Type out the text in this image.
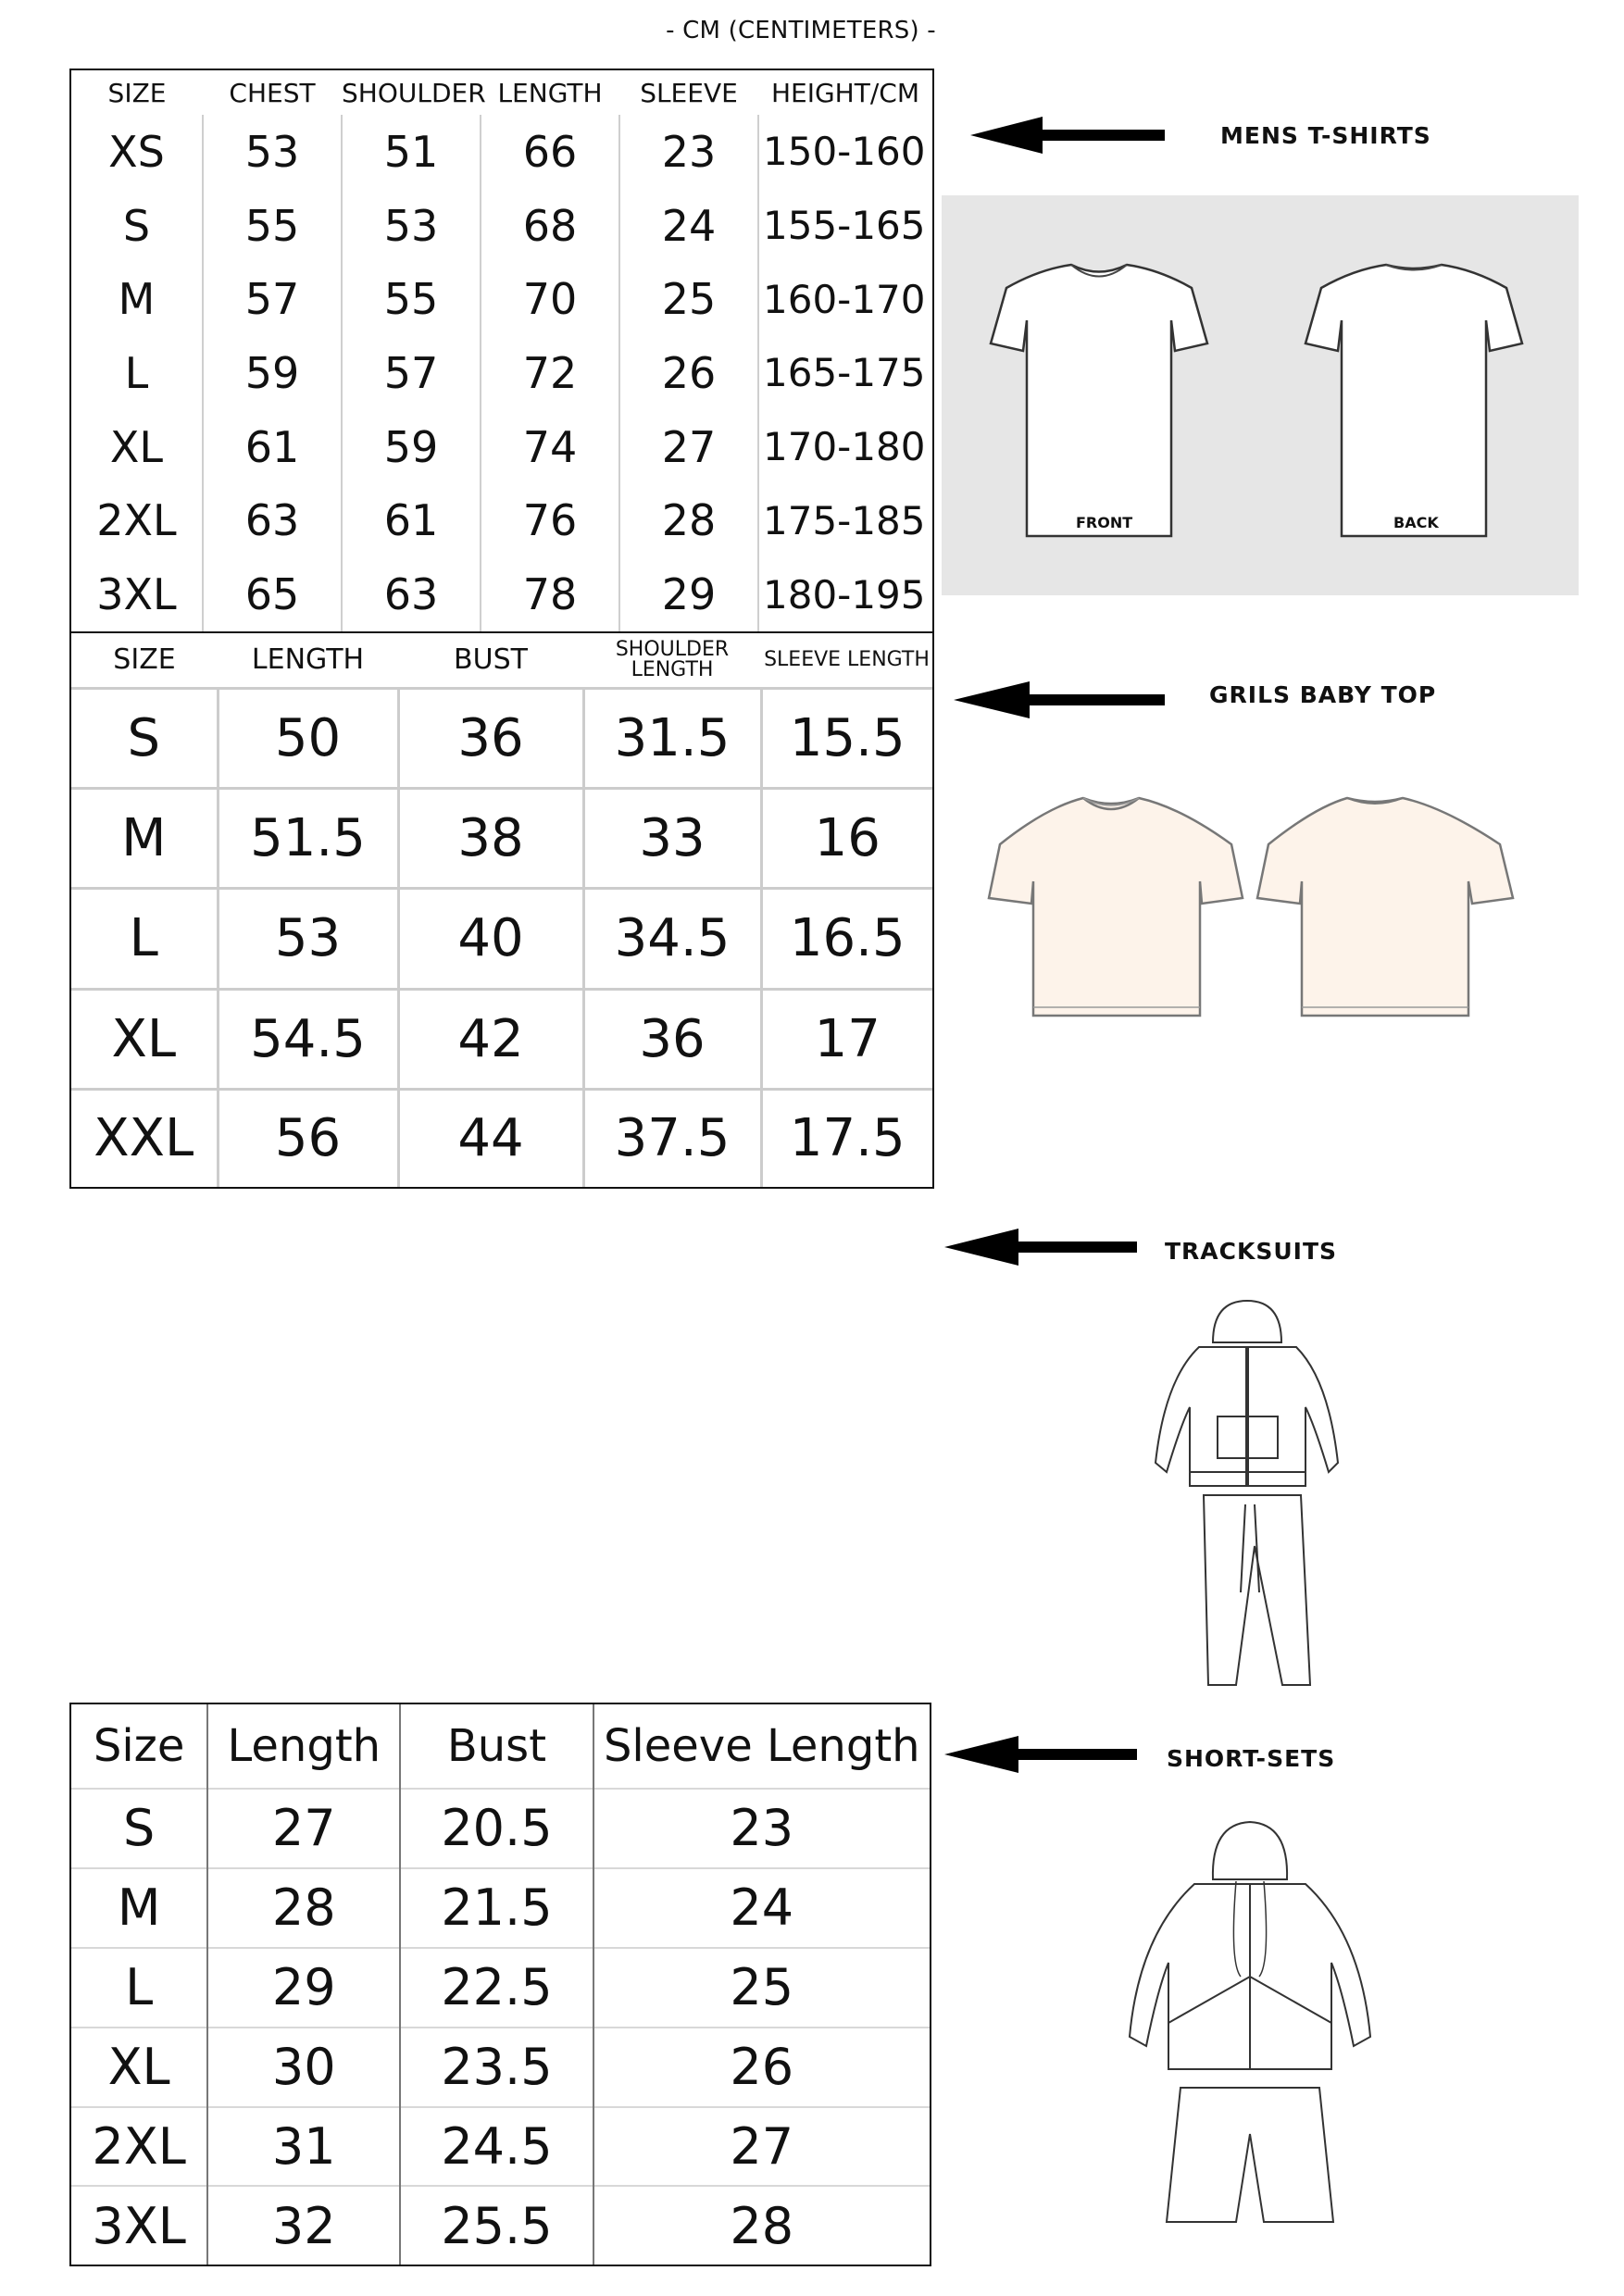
- CM (CENTIMETERS) -
SIZE	CHEST	SHOULDER	LENGTH	SLEEVE	HEIGHT/CM
XS	53	51	66	23	150-160
S	55	53	68	24	155-165
M	57	55	70	25	160-170
L	59	57	72	26	165-175
XL	61	59	74	27	170-180
2XL	63	61	76	28	175-185
3XL	65	63	78	29	180-195
SIZE	LENGTH	BUST	SHOULDER LENGTH	SLEEVE LENGTH
S	50	36	31.5	15.5
M	51.5	38	33	16
L	53	40	34.5	16.5
XL	54.5	42	36	17
XXL	56	44	37.5	17.5
Size	Length	Bust	Sleeve Length
S	27	20.5	23
M	28	21.5	24
L	29	22.5	25
XL	30	23.5	26
2XL	31	24.5	27
3XL	32	25.5	28
MENS T-SHIRTS
FRONT	BACK
GRILS BABY TOP
TRACKSUITS
SHORT-SETS
